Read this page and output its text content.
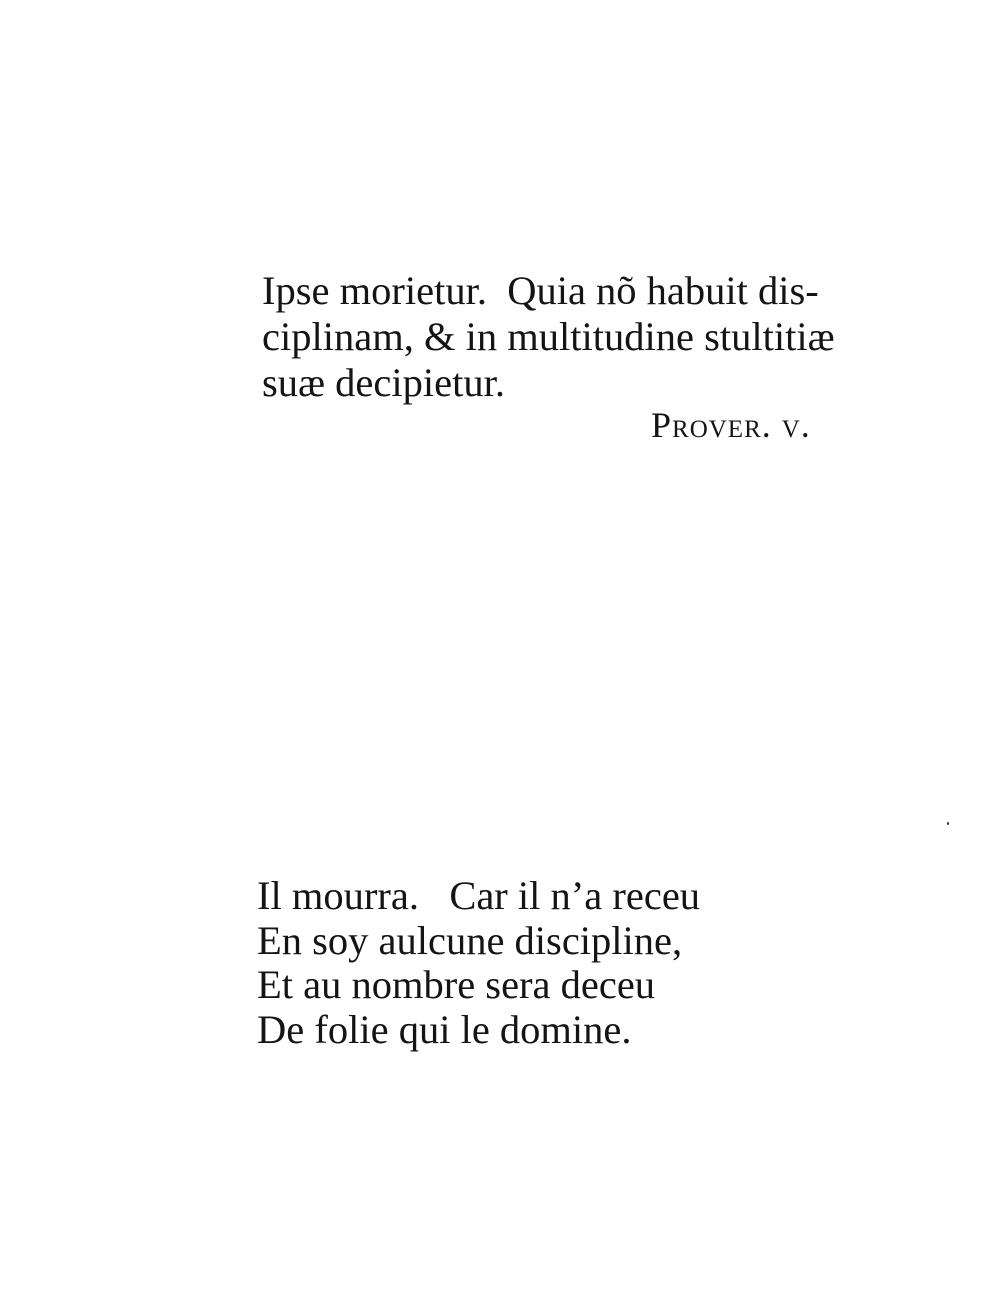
Ipse morietur.  Quia nõ habuit dis-
ciplinam, & in multitudine stultitiæ
suæ decipietur.
Prover. v.
Il mourra.   Car il n’a receu
En soy aulcune discipline,
Et au nombre sera deceu
De folie qui le domine.
